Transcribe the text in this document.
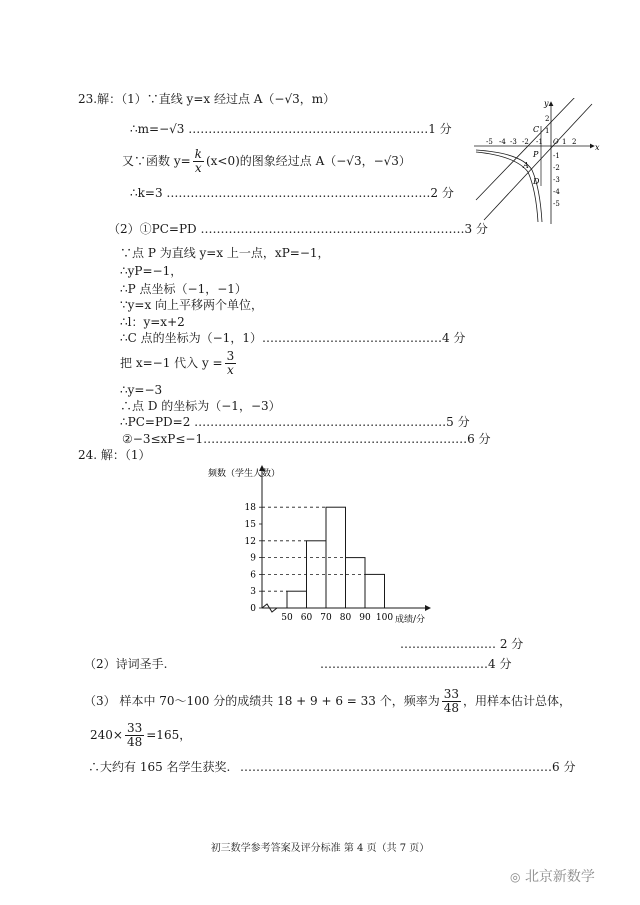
23.解：（1）∵直线 y=x 经过点 A（−√3，m）
∴m=−√3 ……………………………………………………1 分
又∵函数 $y= \frac{k}{x} (x<0)$的图象经过点 A（−√3，−√3）
∴k=3 …………………………………………………………2 分
（2）①PC=PD …………………………………………………………3 分
∵点 P 为直线 y=x 上一点，xP=−1，
∴yP=−1，
∴P 点坐标（−1，−1）
∵y=x 向上平移两个单位，
∴l：y=x+2
∴C 点的坐标为（−1，1）………………………………………4 分
把 x=−1 代入 $y = \frac{3}{x}$
∴y=−3
∴点 D 的坐标为（−1，−3）
∴PC=PD=2 ………………………………………………………5 分
②−3≤xP≤−1…………………………………………………………6 分
x
y
-5 -4 -3 -2 -1 O 1 2
2
1
-1
-2
-3
-4
-5
C
P
A
D
24. 解：（1）
频数（学生人数）
成绩/分
0
3
6
9
12
15
18
50 60 70 80 90 100
…………………… 2 分
（2）诗词圣手.	……………………………………4 分
（3） 样本中 70～100 分的成绩共 18 + 9 + 6 = 33 个，频率为 $\frac{33}{48}$ ，用样本估计总体，
$240\times \frac{33}{48} =165$，
∴大约有 165 名学生获奖. ……………………………………………………………………6 分
初三数学参考答案及评分标准 第 4 页（共 7 页）
◎ 北京新数学
